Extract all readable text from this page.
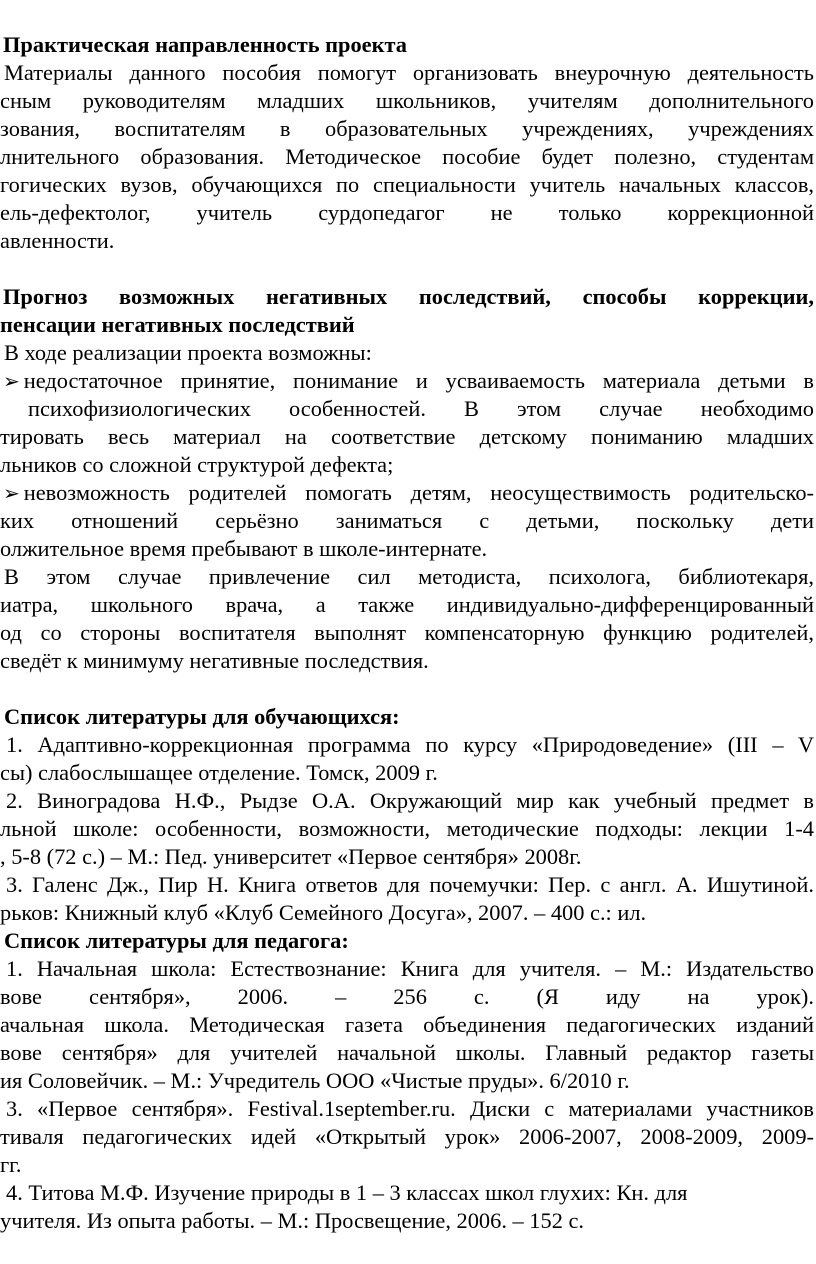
Практическая направленность проекта
Материалы данного пособия помогут организовать внеурочную деятельность
сным руководителям младших школьников, учителям дополнительного
зования, воспитателям в образовательных учреждениях, учреждениях
лнительного образования. Методическое пособие будет полезно, студентам
гогических вузов, обучающихся по специальности учитель начальных классов,
ель-дефектолог, учитель сурдопедагог не только коррекционной
авленности.
Прогноз возможных негативных последствий, способы коррекции,
пенсации негативных последствий
В ходе реализации проекта возможны:
➢ недостаточное принятие, понимание и усваиваемость материала детьми в
психофизиологических особенностей. В этом случае необходимо
тировать весь материал на соответствие детскому пониманию младших
льников со сложной структурой дефекта;
➢ невозможность родителей помогать детям, неосуществимость родительско-
ких отношений серьёзно заниматься с детьми, поскольку дети
олжительное время пребывают в школе-интернате.
В этом случае привлечение сил методиста, психолога, библиотекаря,
иатра, школьного врача, а также индивидуально-дифференцированный
од со стороны воспитателя выполнят компенсаторную функцию родителей,
сведёт к минимуму негативные последствия.
Список литературы для обучающихся:
1. Адаптивно-коррекционная программа по курсу «Природоведение» (III – V
сы) слабослышащее отделение. Томск, 2009 г.
2. Виноградова Н.Ф., Рыдзе О.А. Окружающий мир как учебный предмет в
льной школе: особенности, возможности, методические подходы: лекции 1-4
, 5-8 (72 с.) – М.: Пед. университет «Первое сентября» 2008г.
3. Галенс Дж., Пир Н. Книга ответов для почемучки: Пер. с англ. А. Ишутиной.
рьков: Книжный клуб «Клуб Семейного Досуга», 2007. – 400 с.: ил.
Список литературы для педагога:
1. Начальная школа: Естествознание: Книга для учителя. – М.: Издательство
вове сентября», 2006. – 256 с. (Я иду на урок).
ачальная школа. Методическая газета объединения педагогических изданий
вове сентября» для учителей начальной школы. Главный редактор газеты
ия Соловейчик. – М.: Учредитель ООО «Чистые пруды». 6/2010 г.
3. «Первое сентября». Festival.1september.ru. Диски с материалами участников
тиваля педагогических идей «Открытый урок» 2006-2007, 2008-2009, 2009-
гг.
4. Титова М.Ф. Изучение природы в 1 – 3 классах школ глухих: Кн. для
учителя. Из опыта работы. – М.: Просвещение, 2006. – 152 с.
